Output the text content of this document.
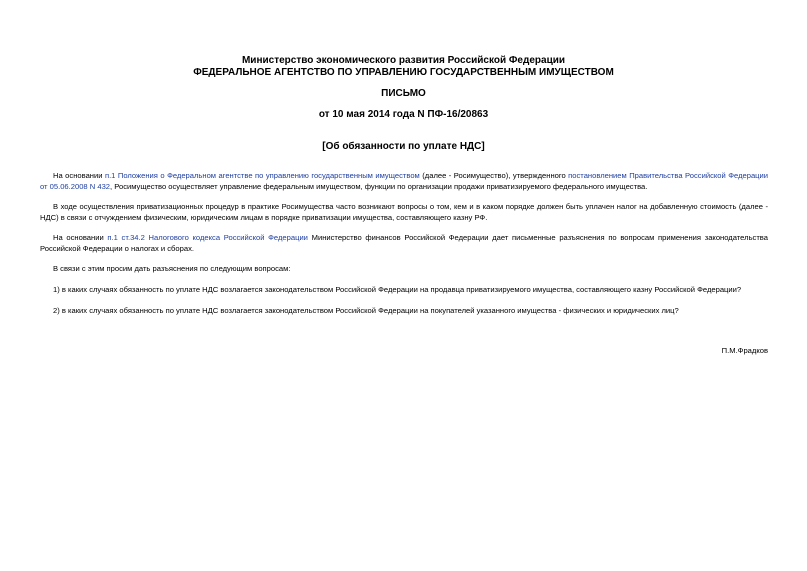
Министерство экономического развития Российской Федерации
ФЕДЕРАЛЬНОЕ АГЕНТСТВО ПО УПРАВЛЕНИЮ ГОСУДАРСТВЕННЫМ ИМУЩЕСТВОМ
ПИСЬМО
от 10 мая 2014 года N ПФ-16/20863
[Об обязанности по уплате НДС]
На основании п.1 Положения о Федеральном агентстве по управлению государственным имуществом (далее - Росимущество), утвержденного постановлением Правительства Российской Федерации от 05.06.2008 N 432, Росимущество осуществляет управление федеральным имуществом, функции по организации продажи приватизируемого федерального имущества.
В ходе осуществления приватизационных процедур в практике Росимущества часто возникают вопросы о том, кем и в каком порядке должен быть уплачен налог на добавленную стоимость (далее - НДС) в связи с отчуждением физическим, юридическим лицам в порядке приватизации имущества, составляющего казну РФ.
На основании п.1 ст.34.2 Налогового кодекса Российской Федерации Министерство финансов Российской Федерации дает письменные разъяснения по вопросам применения законодательства Российской Федерации о налогах и сборах.
В связи с этим просим дать разъяснения по следующим вопросам:
1) в каких случаях обязанность по уплате НДС возлагается законодательством Российской Федерации на продавца приватизируемого имущества, составляющего казну Российской Федерации?
2) в каких случаях обязанность по уплате НДС возлагается законодательством Российской Федерации на покупателей указанного имущества - физических и юридических лиц?
П.М.Фрадков
